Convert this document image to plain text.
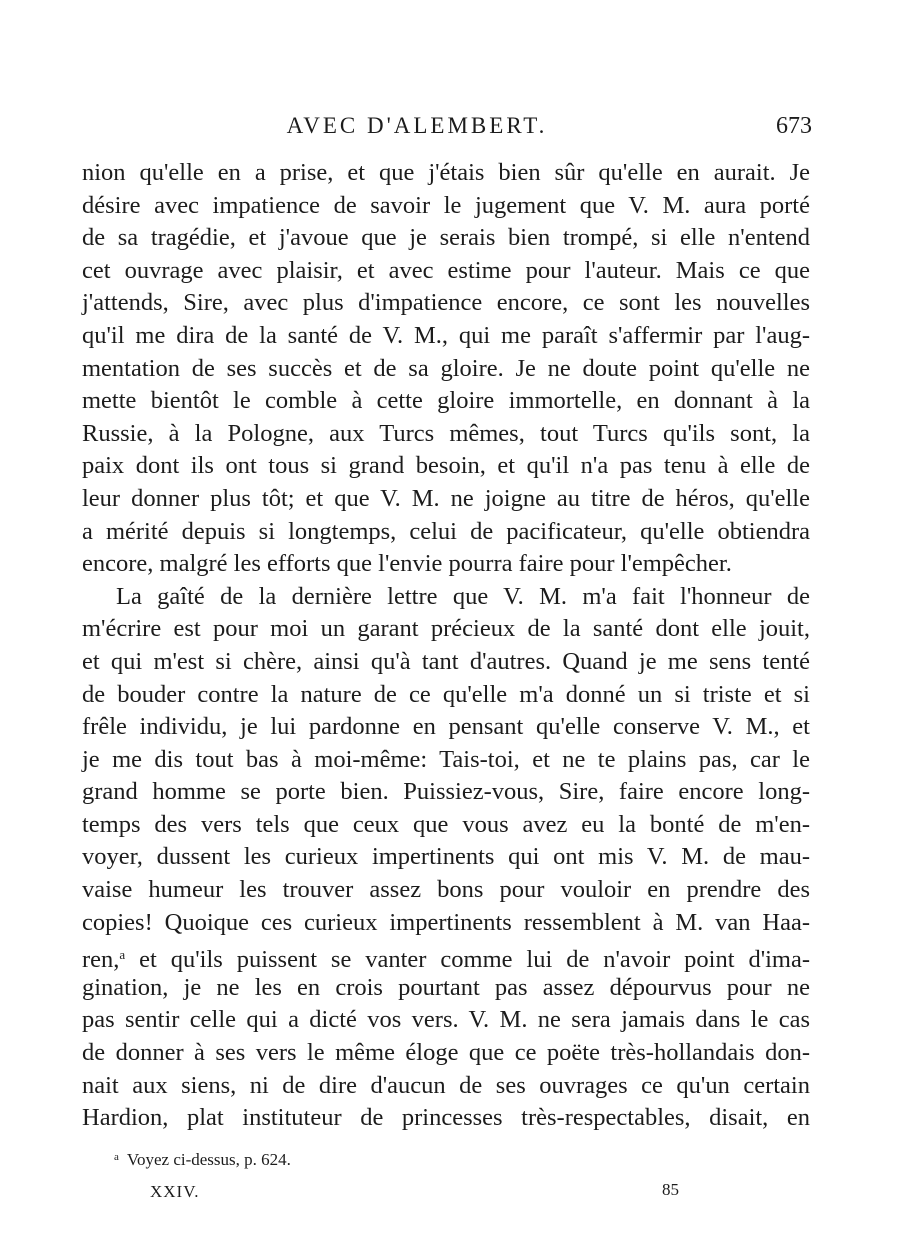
AVEC D'ALEMBERT.	673
nion qu'elle en a prise, et que j'étais bien sûr qu'elle en aurait. Je
désire avec impatience de savoir le jugement que V. M. aura porté
de sa tragédie, et j'avoue que je serais bien trompé, si elle n'entend
cet ouvrage avec plaisir, et avec estime pour l'auteur. Mais ce que
j'attends, Sire, avec plus d'impatience encore, ce sont les nouvelles
qu'il me dira de la santé de V. M., qui me paraît s'affermir par l'aug-
mentation de ses succès et de sa gloire. Je ne doute point qu'elle ne
mette bientôt le comble à cette gloire immortelle, en donnant à la
Russie, à la Pologne, aux Turcs mêmes, tout Turcs qu'ils sont, la
paix dont ils ont tous si grand besoin, et qu'il n'a pas tenu à elle de
leur donner plus tôt; et que V. M. ne joigne au titre de héros, qu'elle
a mérité depuis si longtemps, celui de pacificateur, qu'elle obtiendra
encore, malgré les efforts que l'envie pourra faire pour l'empêcher.
La gaîté de la dernière lettre que V. M. m'a fait l'honneur de
m'écrire est pour moi un garant précieux de la santé dont elle jouit,
et qui m'est si chère, ainsi qu'à tant d'autres. Quand je me sens tenté
de bouder contre la nature de ce qu'elle m'a donné un si triste et si
frêle individu, je lui pardonne en pensant qu'elle conserve V. M., et
je me dis tout bas à moi-même: Tais-toi, et ne te plains pas, car le
grand homme se porte bien. Puissiez-vous, Sire, faire encore long-
temps des vers tels que ceux que vous avez eu la bonté de m'en-
voyer, dussent les curieux impertinents qui ont mis V. M. de mau-
vaise humeur les trouver assez bons pour vouloir en prendre des
copies! Quoique ces curieux impertinents ressemblent à M. van Haa-
ren,$^a$ et qu'ils puissent se vanter comme lui de n'avoir point d'ima-
gination, je ne les en crois pourtant pas assez dépourvus pour ne
pas sentir celle qui a dicté vos vers. V. M. ne sera jamais dans le cas
de donner à ses vers le même éloge que ce poëte très-hollandais don-
nait aux siens, ni de dire d'aucun de ses ouvrages ce qu'un certain
Hardion, plat instituteur de princesses très-respectables, disait, en
$^a$ Voyez ci-dessus, p. 624.
XXIV.	85
